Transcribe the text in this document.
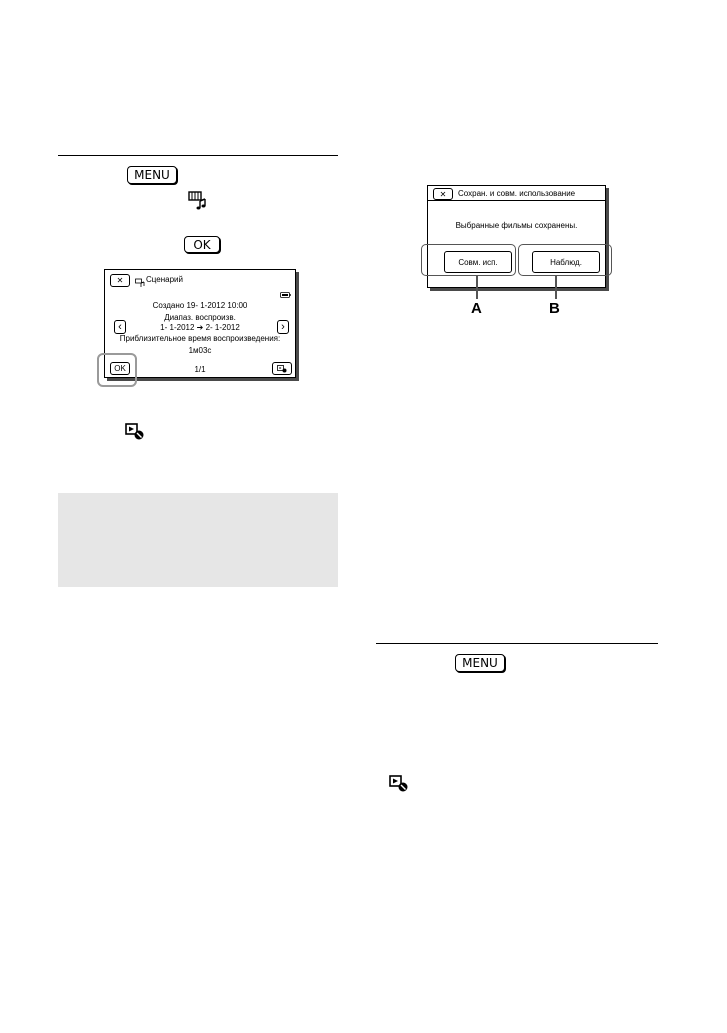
MENU
OK
✕	Сценарий
Создано 19- 1-2012 10:00
Диапаз. воспроизв.
1- 1-2012 ➔ 2- 1-2012
Приблизительное время воспроизведения:
1м03с
‹	›
OK	1/1
✕	Сохран. и совм. использование
Выбранные фильмы сохранены.
Совм. исп.	Наблюд.
A	B
MENU
